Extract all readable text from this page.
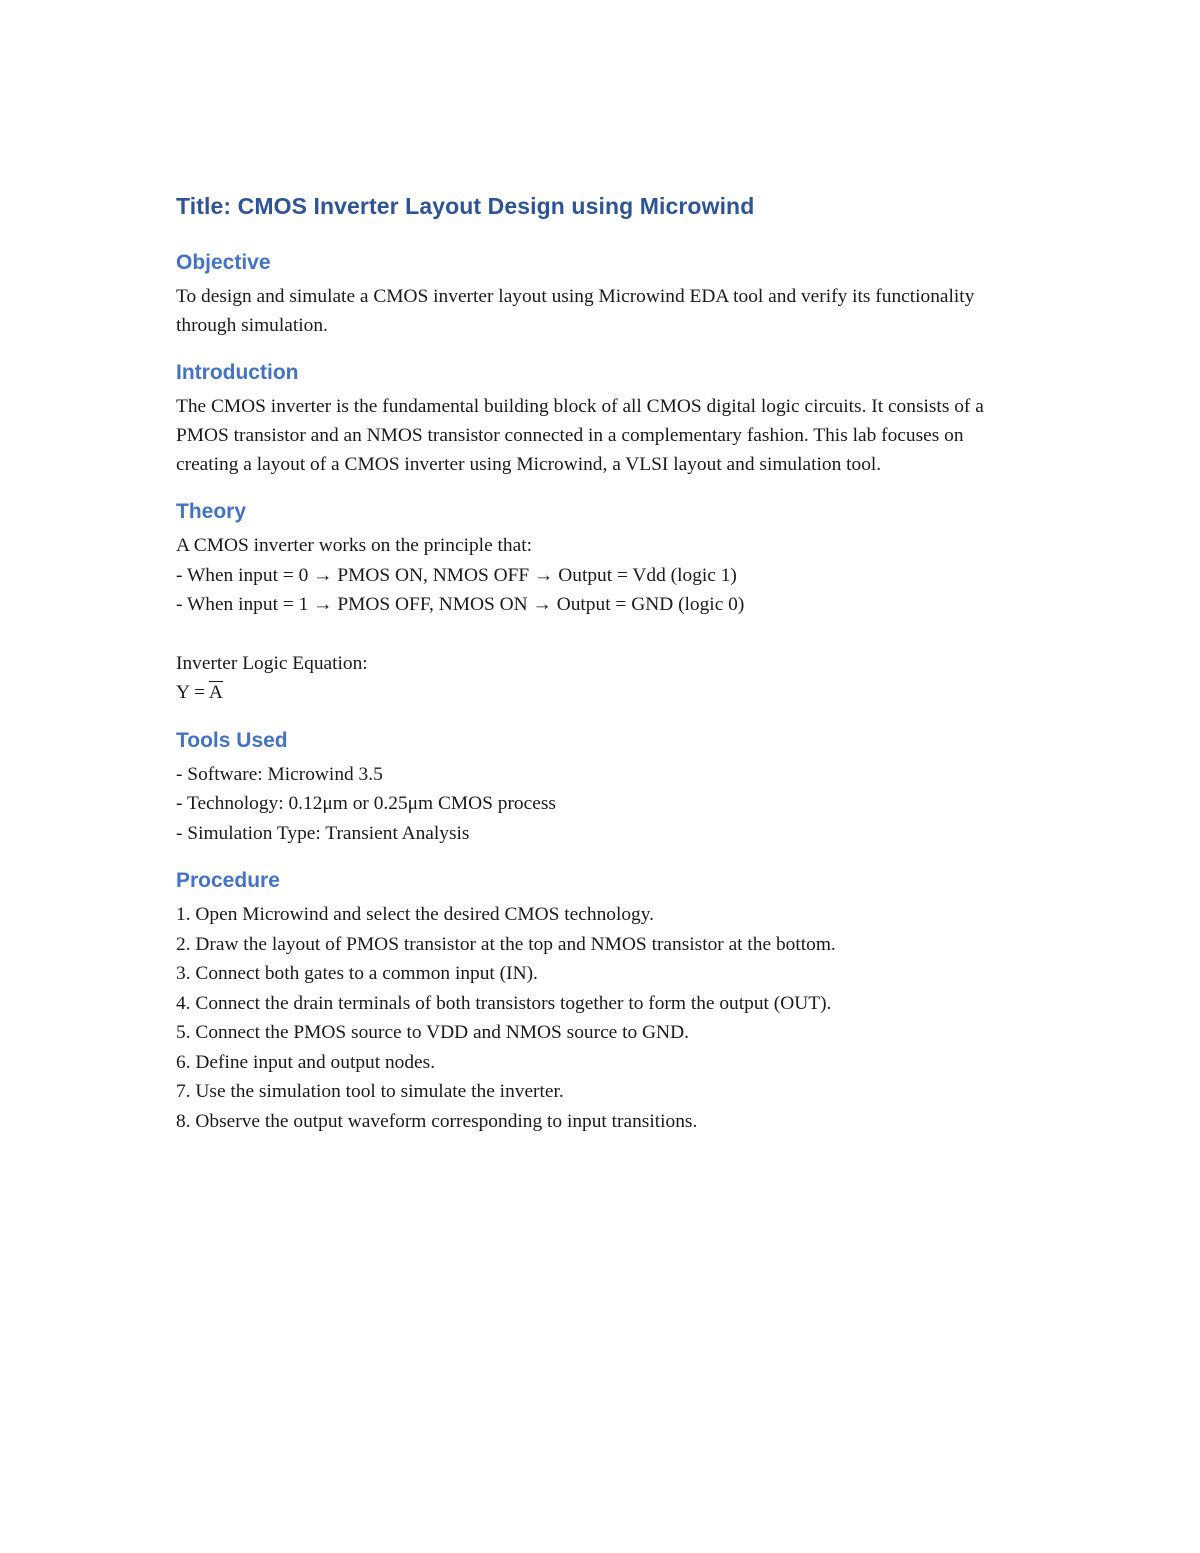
Title: CMOS Inverter Layout Design using Microwind
Objective

To design and simulate a CMOS inverter layout using Microwind EDA tool and verify its functionality through simulation.

Introduction

The CMOS inverter is the fundamental building block of all CMOS digital logic circuits. It consists of a PMOS transistor and an NMOS transistor connected in a complementary fashion. This lab focuses on creating a layout of a CMOS inverter using Microwind, a VLSI layout and simulation tool.

Theory
A CMOS inverter works on the principle that:
- When input = 0 → PMOS ON, NMOS OFF → Output = Vdd (logic 1)
- When input = 1 → PMOS OFF, NMOS ON → Output = GND (logic 0)
Inverter Logic Equation:
$Y = \overline{A}$
Tools Used
- Software: Microwind 3.5
- Technology: 0.12μm or 0.25μm CMOS process
- Simulation Type: Transient Analysis
Procedure
1. Open Microwind and select the desired CMOS technology.
2. Draw the layout of PMOS transistor at the top and NMOS transistor at the bottom.
3. Connect both gates to a common input (IN).
4. Connect the drain terminals of both transistors together to form the output (OUT).
5. Connect the PMOS source to VDD and NMOS source to GND.
6. Define input and output nodes.
7. Use the simulation tool to simulate the inverter.
8. Observe the output waveform corresponding to input transitions.
